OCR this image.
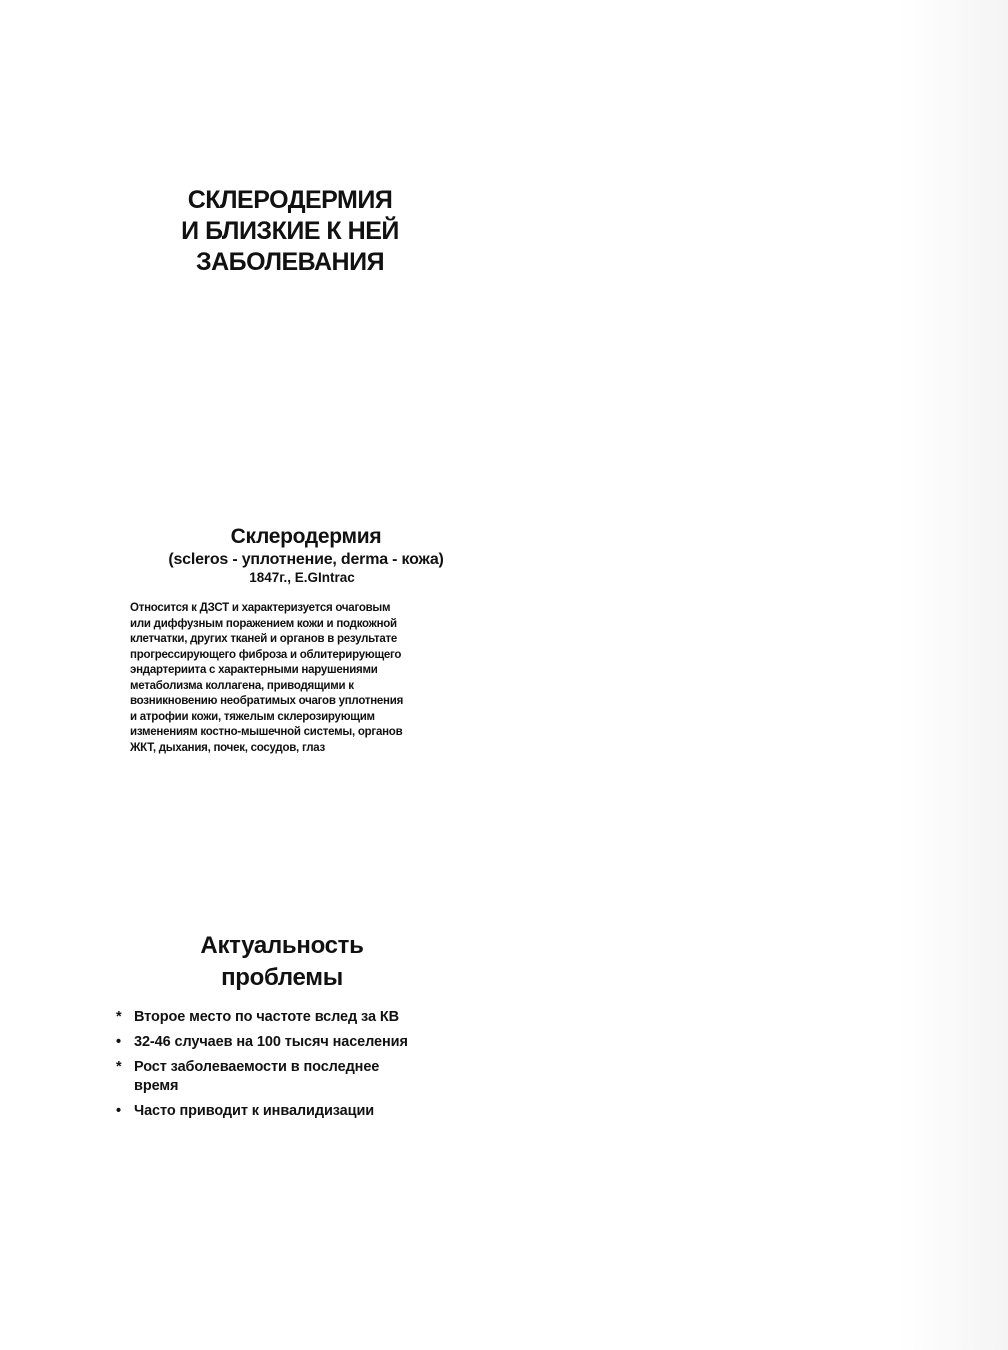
СКЛЕРОДЕРМИЯ
И БЛИЗКИЕ К НЕЙ
ЗАБОЛЕВАНИЯ
Склеродермия
(scleros - уплотнение, derma - кожа)
1847г., E.GIntrac
Относится к ДЗСТ и характеризуется очаговым
или диффузным поражением кожи и подкожной
клетчатки, других тканей и органов в результате
прогрессирующего фиброза и облитерирующего
эндартериита с характерными нарушениями
метаболизма коллагена, приводящими к
возникновению необратимых очагов уплотнения
и атрофии кожи, тяжелым склерозирующим
изменениям костно-мышечной системы, органов
ЖКТ, дыхания, почек, сосудов, глаз
Актуальность
проблемы
* Второе место по частоте вслед за КВ
• 32-46 случаев на 100 тысяч населения
* Рост заболеваемости в последнее
время
• Часто приводит к инвалидизации
